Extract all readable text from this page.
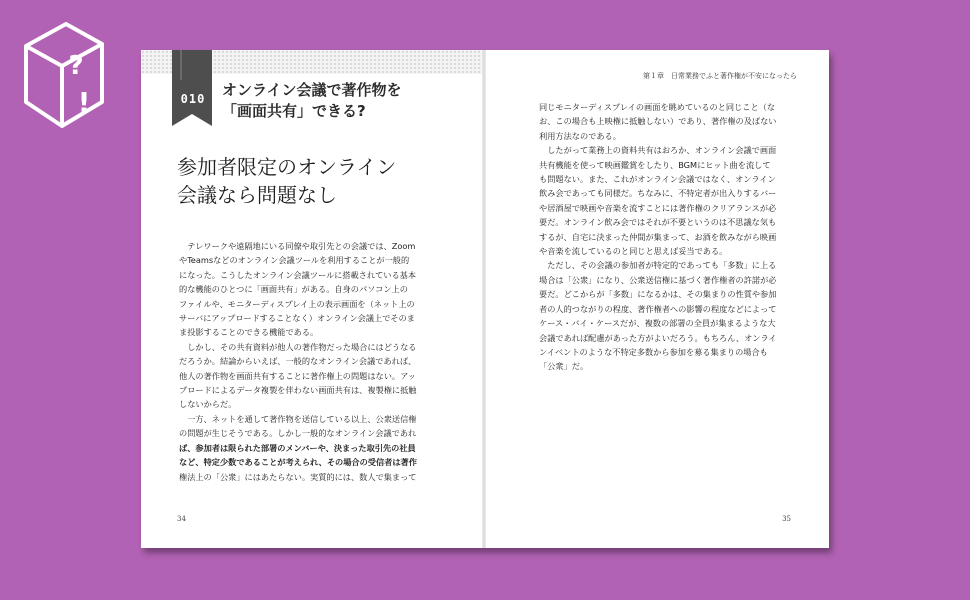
?
!	010	オンライン会議で著作物を
「画面共有」できる?
第１章　日常業務でふと著作権が不安になったら
参加者限定のオンライン
会議なら問題なし
　テレワークや遠隔地にいる同僚や取引先との会議では、Zoom
やTeamsなどのオンライン会議ツールを利用することが一般的
になった。こうしたオンライン会議ツールに搭載されている基本
的な機能のひとつに「画面共有」がある。自身のパソコン上の
ファイルや、モニターディスプレイ上の表示画面を（ネット上の
サーバにアップロードすることなく）オンライン会議上でそのま
ま投影することのできる機能である。
　しかし、その共有資料が他人の著作物だった場合にはどうなる
だろうか。結論からいえば、一般的なオンライン会議であれば、
他人の著作物を画面共有することに著作権上の問題はない。アッ
プロードによるデータ複製を伴わない画面共有は、複製権に抵触
しないからだ。
　一方、ネットを通して著作物を送信している以上、公衆送信権
の問題が生じそうである。しかし一般的なオンライン会議であれ
ば、参加者は限られた部署のメンバーや、決まった取引先の社員
など、特定少数であることが考えられ、その場合の受信者は著作
権法上の「公衆」にはあたらない。実質的には、数人で集まって
同じモニターディスプレイの画面を眺めているのと同じこと（な
お、この場合も上映権に抵触しない）であり、著作権の及ばない
利用方法なのである。
　したがって業務上の資料共有はおろか、オンライン会議で画面
共有機能を使って映画鑑賞をしたり、BGMにヒット曲を流して
も問題ない。また、これがオンライン会議ではなく、オンライン
飲み会であっても同様だ。ちなみに、不特定者が出入りするバー
や居酒屋で映画や音楽を流すことには著作権のクリアランスが必
要だ。オンライン飲み会ではそれが不要というのは不思議な気も
するが、自宅に決まった仲間が集まって、お酒を飲みながら映画
や音楽を流しているのと同じと思えば妥当である。
　ただし、その会議の参加者が特定的であっても「多数」に上る
場合は「公衆」になり、公衆送信権に基づく著作権者の許諾が必
要だ。どこからが「多数」になるかは、その集まりの性質や参加
者の人的つながりの程度、著作権者への影響の程度などによって
ケース・バイ・ケースだが、複数の部署の全員が集まるような大
会議であれば配慮があった方がよいだろう。もちろん、オンライ
ンイベントのような不特定多数から参加を募る集まりの場合も
「公衆」だ。
34	35
